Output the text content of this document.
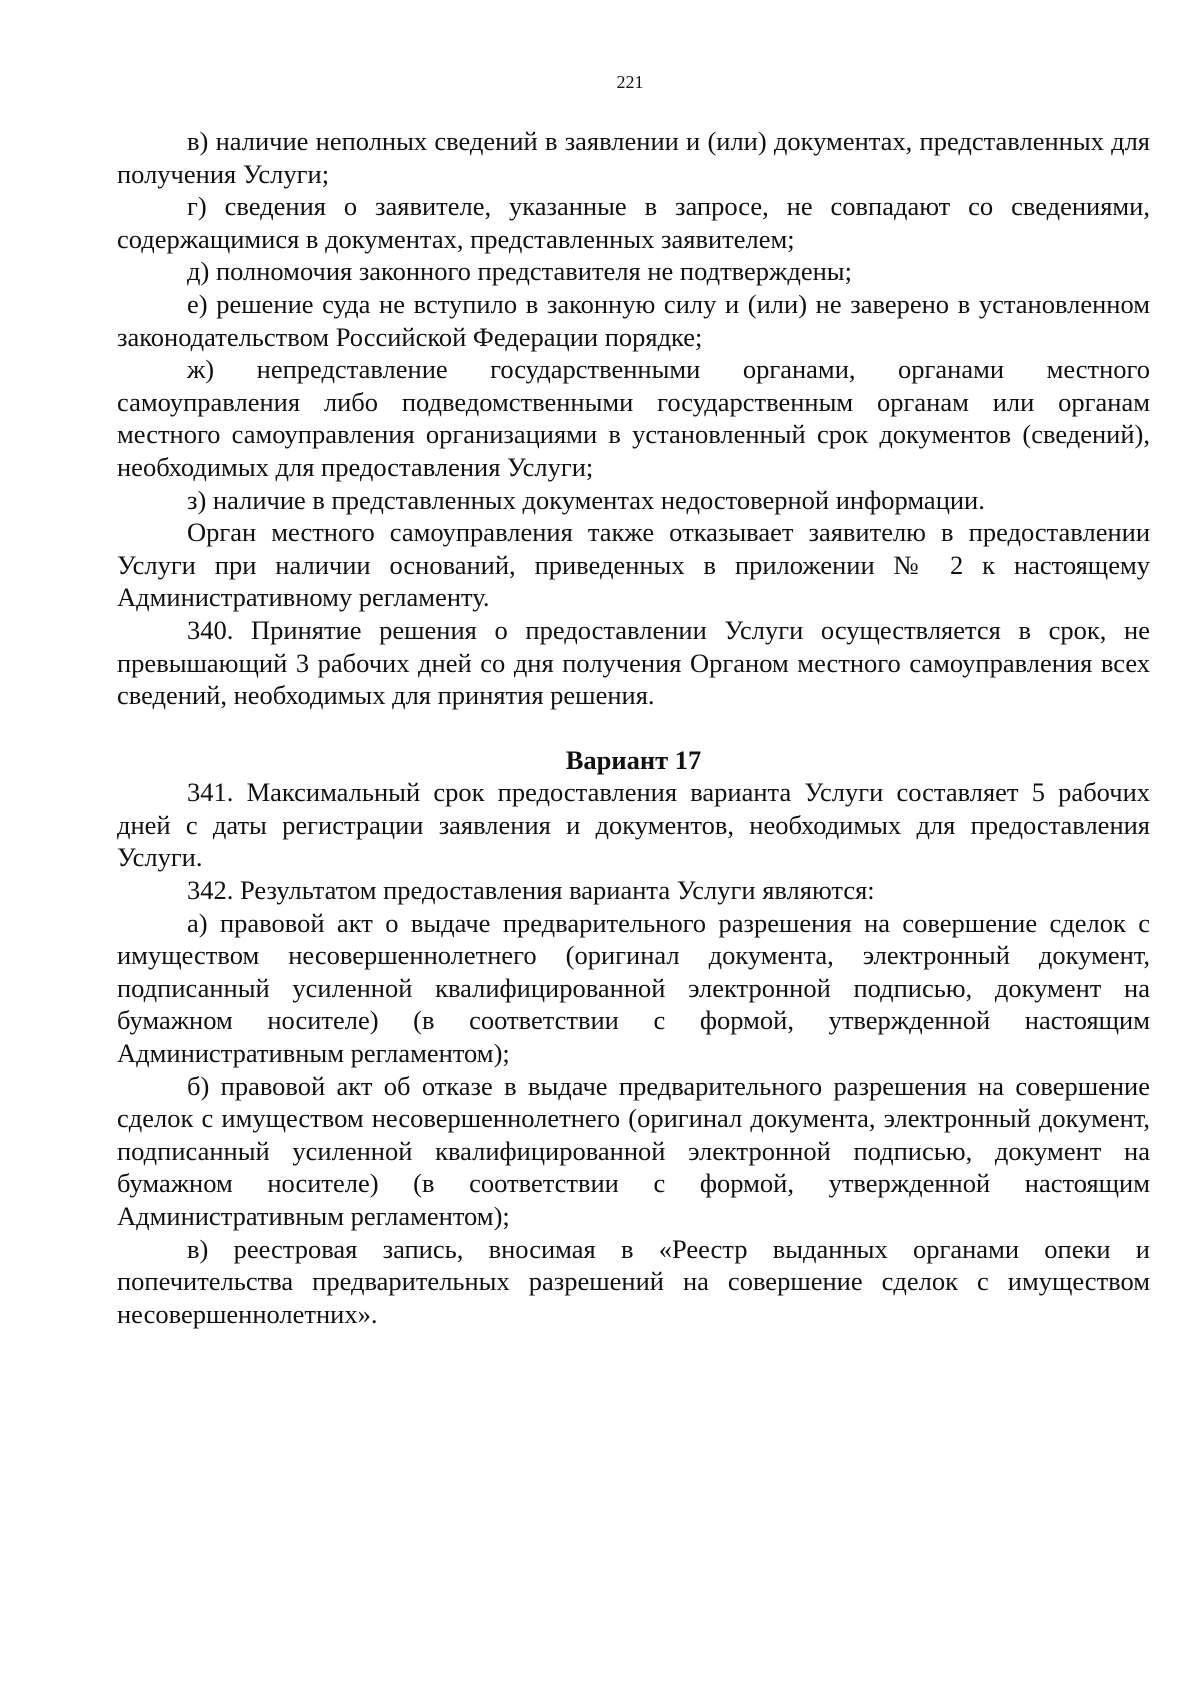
221

в) наличие неполных сведений в заявлении и (или) документах, представленных для получения Услуги;

г) сведения о заявителе, указанные в запросе, не совпадают со сведениями, содержащимися в документах, представленных заявителем;

д) полномочия законного представителя не подтверждены;

е) решение суда не вступило в законную силу и (или) не заверено в установленном законодательством Российской Федерации порядке;

ж) непредставление государственными органами, органами местного самоуправления либо подведомственными государственным органам или органам местного самоуправления организациями в установленный срок документов (сведений), необходимых для предоставления Услуги;

з) наличие в представленных документах недостоверной информации.

Орган местного самоуправления также отказывает заявителю в предоставлении Услуги при наличии оснований, приведенных в приложении № 2 к настоящему Административному регламенту.

340. Принятие решения о предоставлении Услуги осуществляется в срок, не превышающий 3 рабочих дней со дня получения Органом местного самоуправления всех сведений, необходимых для принятия решения.

Вариант 17

341. Максимальный срок предоставления варианта Услуги составляет 5 рабочих дней с даты регистрации заявления и документов, необходимых для предоставления Услуги.

342. Результатом предоставления варианта Услуги являются:

а) правовой акт о выдаче предварительного разрешения на совершение сделок с имуществом несовершеннолетнего (оригинал документа, электронный документ, подписанный усиленной квалифицированной электронной подписью, документ на бумажном носителе) (в соответствии с формой, утвержденной настоящим Административным регламентом);

б) правовой акт об отказе в выдаче предварительного разрешения на совершение сделок с имуществом несовершеннолетнего (оригинал документа, электронный документ, подписанный усиленной квалифицированной электронной подписью, документ на бумажном носителе) (в соответствии с формой, утвержденной настоящим Административным регламентом);

в) реестровая запись, вносимая в «Реестр выданных органами опеки и попечительства предварительных разрешений на совершение сделок с имуществом несовершеннолетних».
